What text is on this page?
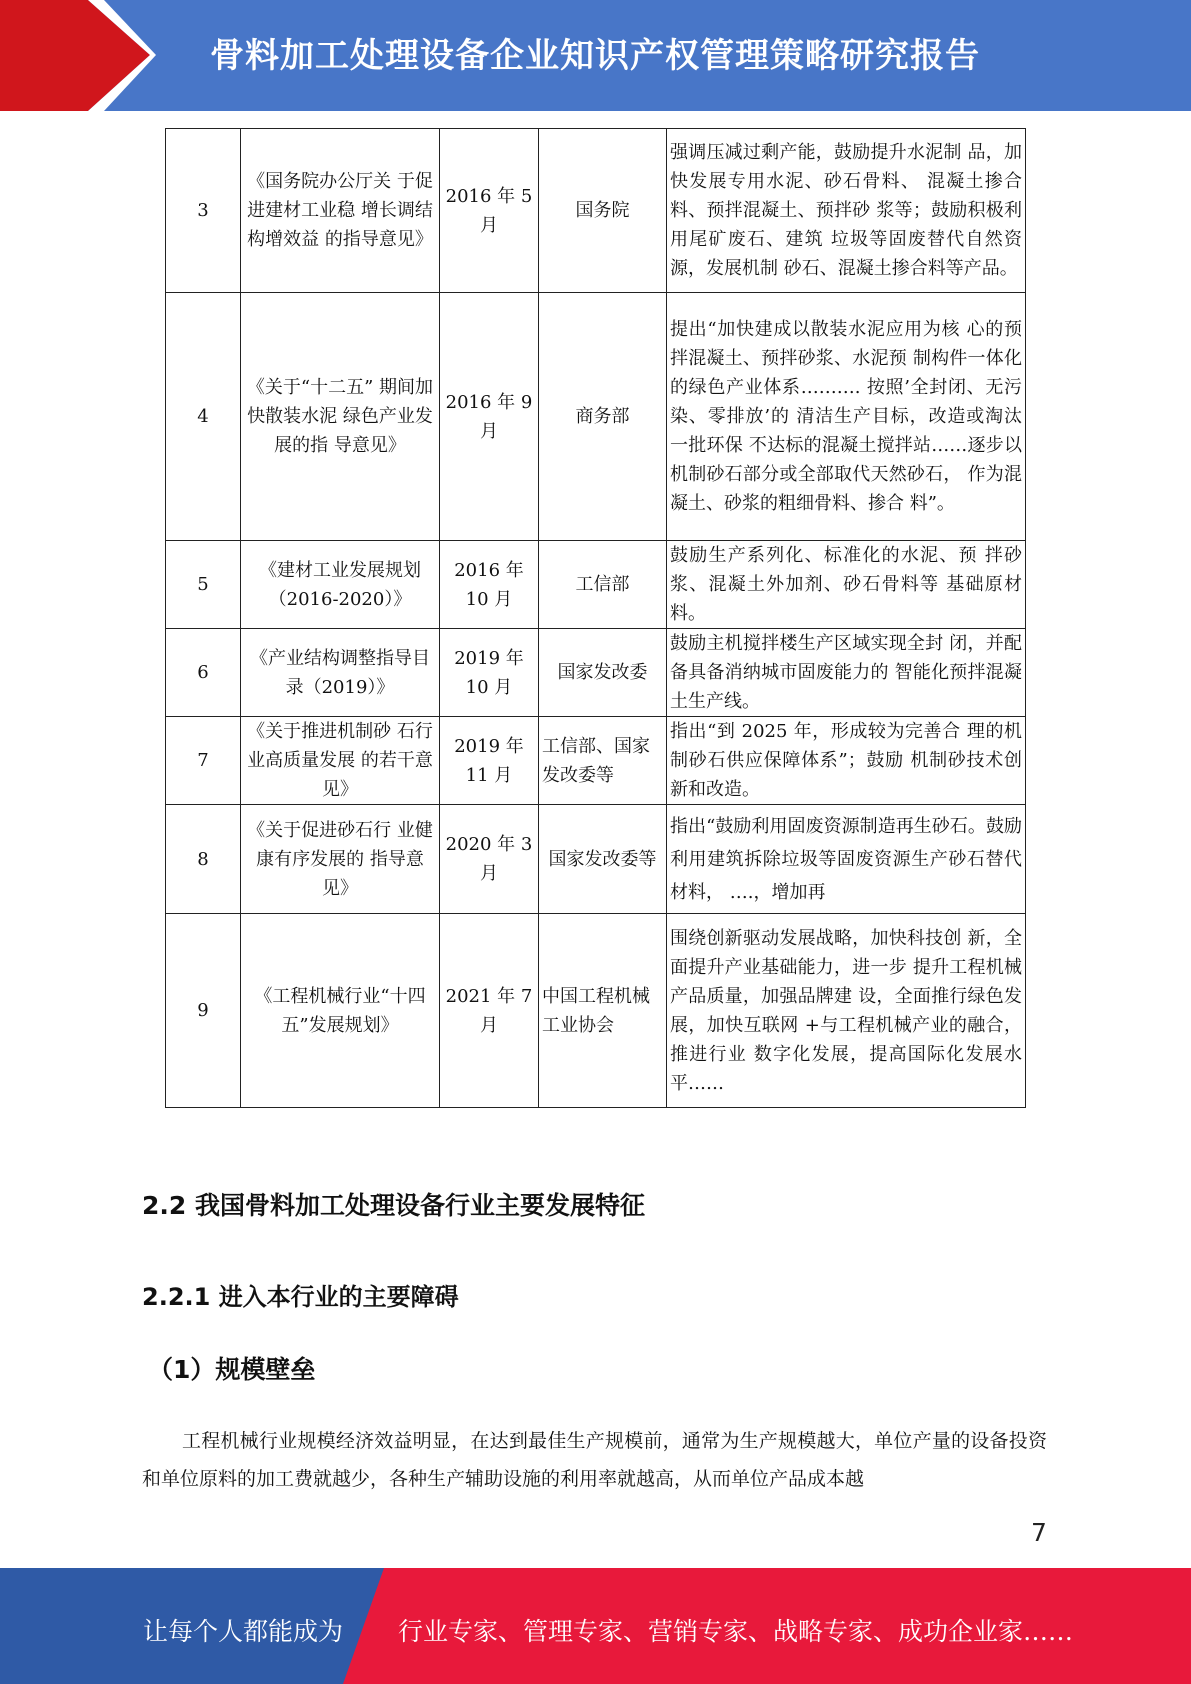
骨料加工处理设备企业知识产权管理策略研究报告
3	《国务院办公厅关 于促进建材工业稳 增长调结构增效益 的指导意见》	2016 年 5 月	国务院	强调压减过剩产能，鼓励提升水泥制 品，加快发展专用水泥、砂石骨料、 混凝土掺合料、预拌混凝土、预拌砂 浆等；鼓励积极利用尾矿废石、建筑 垃圾等固废替代自然资源，发展机制 砂石、混凝土掺合料等产品。
4	《关于“十二五” 期间加快散装水泥 绿色产业发展的指 导意见》	2016 年 9 月	商务部	提出“加快建成以散装水泥应用为核 心的预拌混凝土、预拌砂浆、水泥预 制构件一体化的绿色产业体系………. 按照’全封闭、无污染、零排放’的 清洁生产目标，改造或淘汰一批环保 不达标的混凝土搅拌站……逐步以 机制砂石部分或全部取代天然砂石， 作为混凝土、砂浆的粗细骨料、掺合 料”。
5	《建材工业发展规划（2016-2020）》	2016 年 10 月	工信部	鼓励生产系列化、标准化的水泥、预 拌砂浆、混凝土外加剂、砂石骨料等 基础原材料。
6	《产业结构调整指导目录（2019）》	2019 年 10 月	国家发改委	鼓励主机搅拌楼生产区域实现全封 闭，并配备具备消纳城市固废能力的 智能化预拌混凝土生产线。
7	《关于推进机制砂 石行业高质量发展 的若干意见》	2019 年 11 月	工信部、国家发改委等	指出“到 2025 年，形成较为完善合 理的机制砂石供应保障体系”；鼓励 机制砂技术创新和改造。
8	《关于促进砂石行 业健康有序发展的 指导意见》	2020 年 3 月	国家发改委等	指出“鼓励利用固废资源制造再生砂石。鼓励利用建筑拆除垃圾等固废资源生产砂石替代材料， ….，增加再
9	《工程机械行业“十四五”发展规划》	2021 年 7 月	中国工程机械工业协会	围绕创新驱动发展战略，加快科技创 新，全面提升产业基础能力，进一步 提升工程机械产品质量，加强品牌建 设，全面推行绿色发展，加快互联网 +与工程机械产业的融合，推进行业 数字化发展，提高国际化发展水 平……
2.2 我国骨料加工处理设备行业主要发展特征
2.2.1 进入本行业的主要障碍
（1）规模壁垒
工程机械行业规模经济效益明显，在达到最佳生产规模前，通常为生产规模越大，单位产量的设备投资和单位原料的加工费就越少，各种生产辅助设施的利用率就越高，从而单位产品成本越
7
让每个人都能成为 行业专家、管理专家、营销专家、战略专家、成功企业家……
